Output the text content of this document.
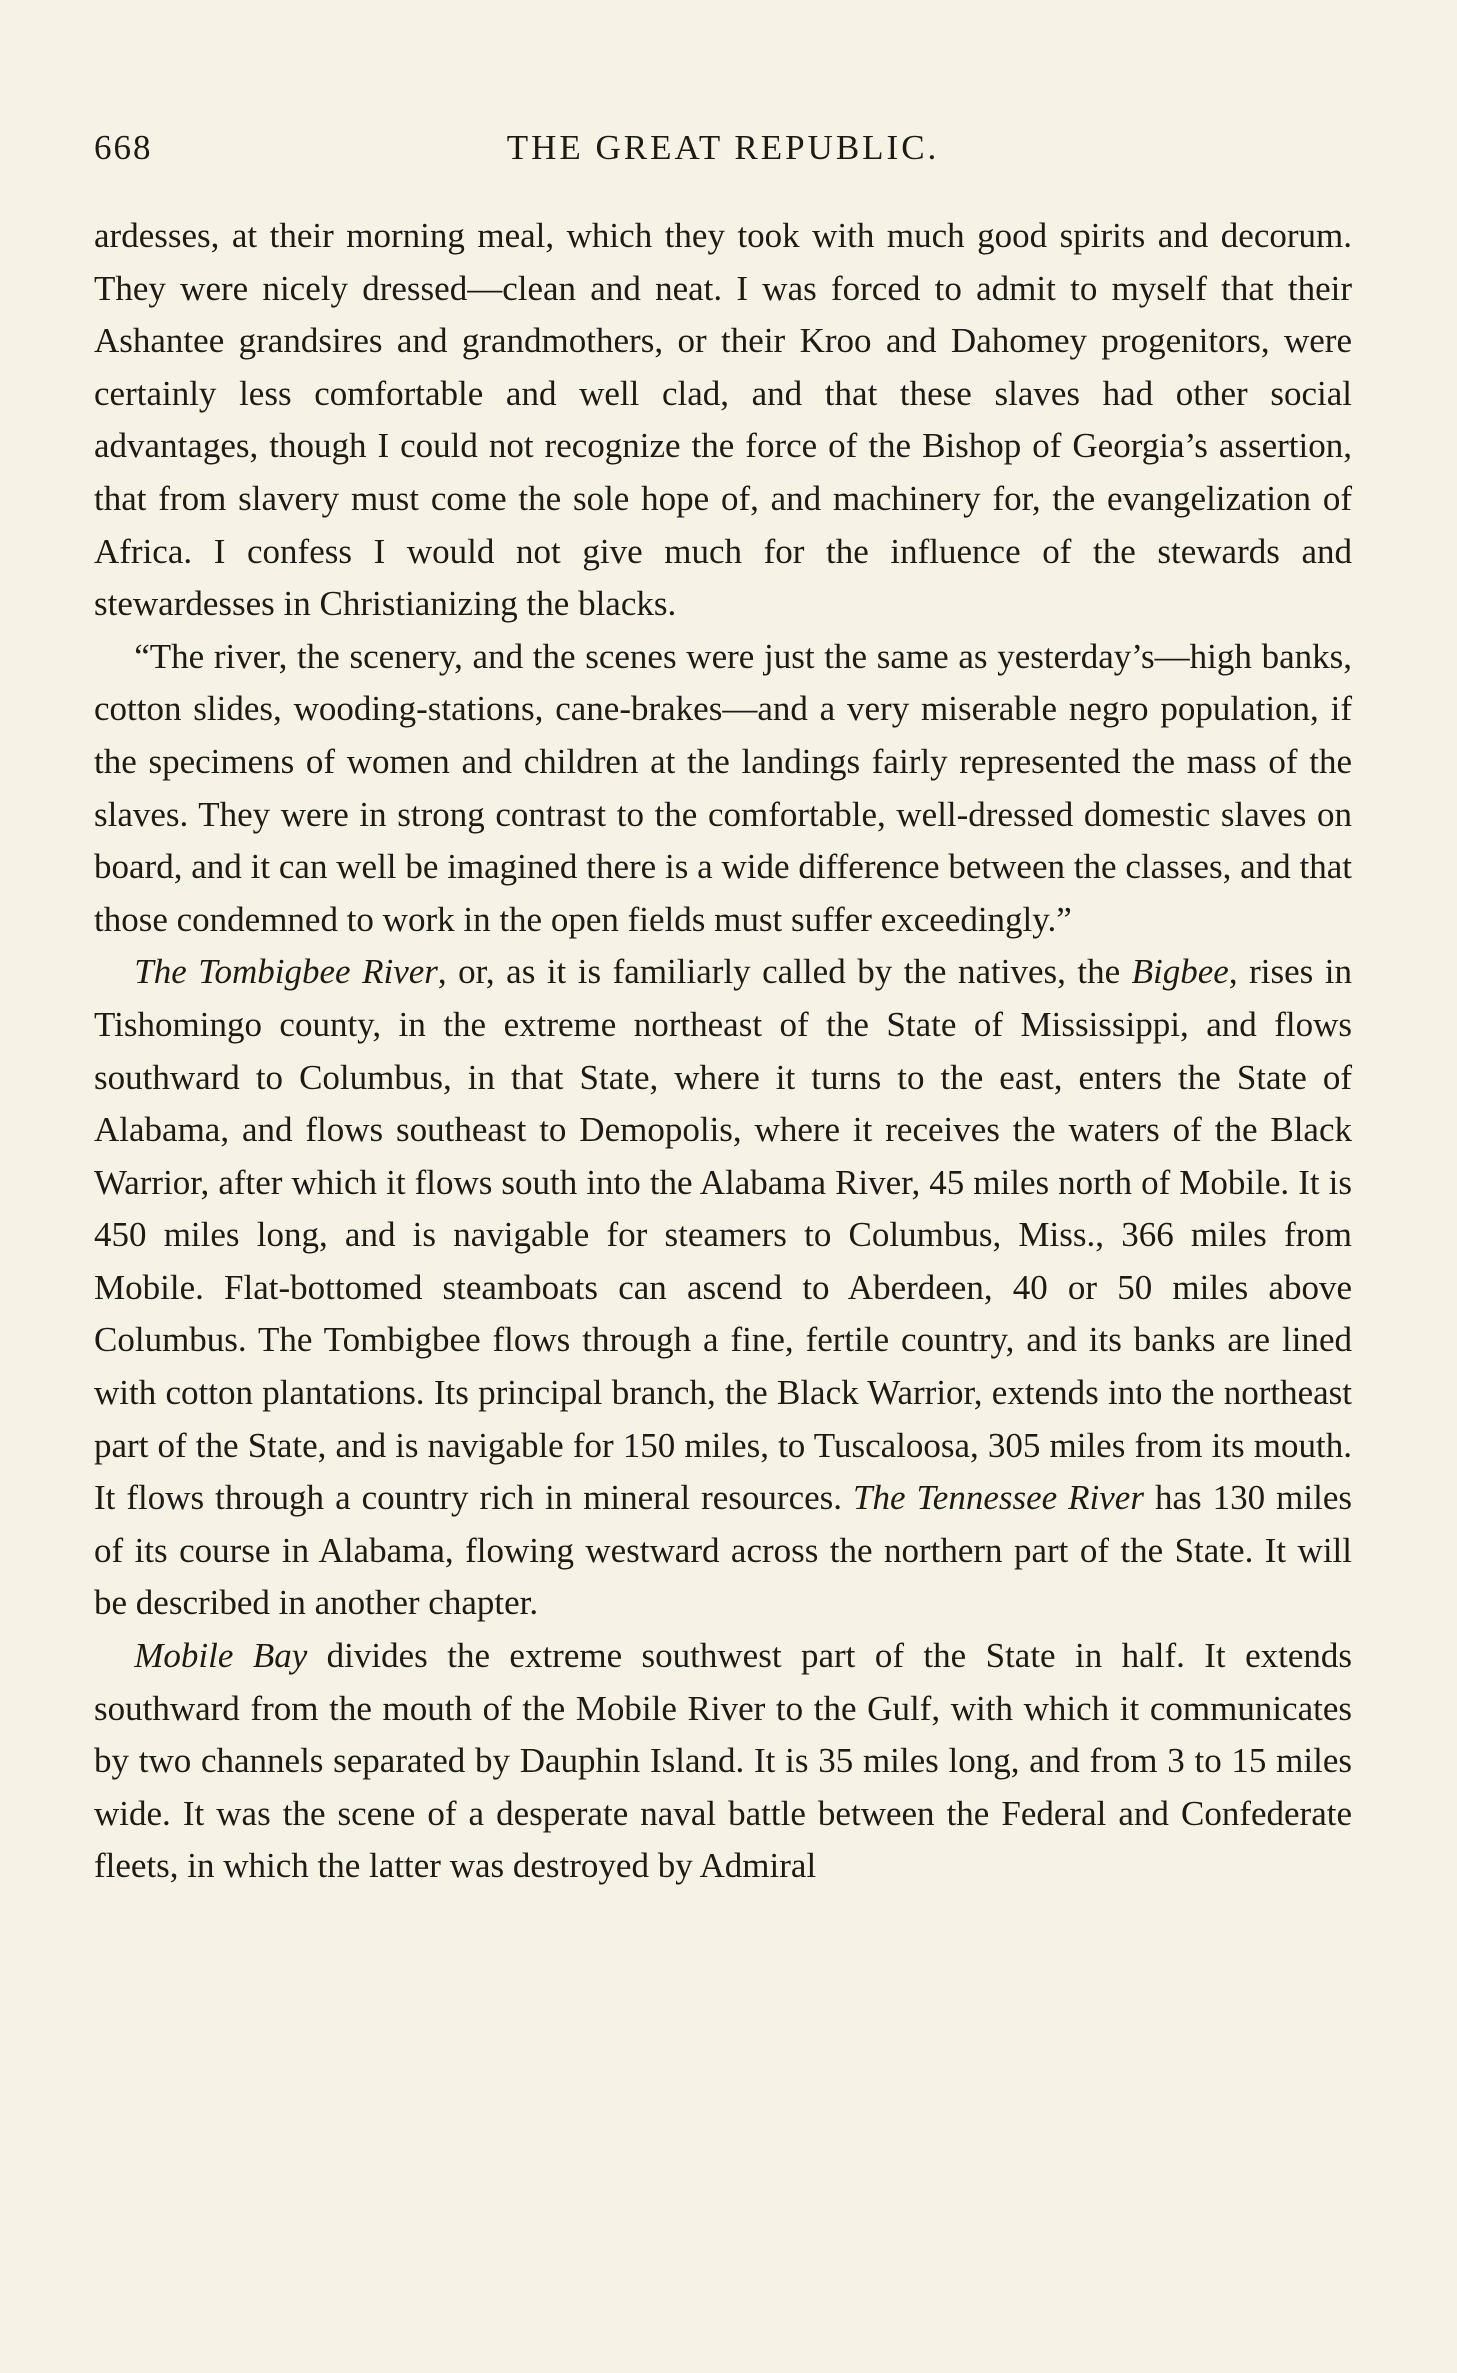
668	THE GREAT REPUBLIC.

ardesses, at their morning meal, which they took with much good spirits and decorum. They were nicely dressed—clean and neat. I was forced to admit to myself that their Ashantee grandsires and grandmothers, or their Kroo and Dahomey progenitors, were certainly less comfortable and well clad, and that these slaves had other social advantages, though I could not recognize the force of the Bishop of Georgia’s assertion, that from slavery must come the sole hope of, and machinery for, the evangelization of Africa. I confess I would not give much for the influence of the stewards and stewardesses in Christianizing the blacks.

“The river, the scenery, and the scenes were just the same as yesterday’s—high banks, cotton slides, wooding-stations, cane-brakes—and a very miserable negro population, if the specimens of women and children at the landings fairly represented the mass of the slaves. They were in strong contrast to the comfortable, well-dressed domestic slaves on board, and it can well be imagined there is a wide difference between the classes, and that those condemned to work in the open fields must suffer exceedingly.”

The Tombigbee River, or, as it is familiarly called by the natives, the Bigbee, rises in Tishomingo county, in the extreme northeast of the State of Mississippi, and flows southward to Columbus, in that State, where it turns to the east, enters the State of Alabama, and flows southeast to Demopolis, where it receives the waters of the Black Warrior, after which it flows south into the Alabama River, 45 miles north of Mobile. It is 450 miles long, and is navigable for steamers to Columbus, Miss., 366 miles from Mobile. Flat-bottomed steamboats can ascend to Aberdeen, 40 or 50 miles above Columbus. The Tombigbee flows through a fine, fertile country, and its banks are lined with cotton plantations. Its principal branch, the Black Warrior, extends into the northeast part of the State, and is navigable for 150 miles, to Tuscaloosa, 305 miles from its mouth. It flows through a country rich in mineral resources. The Tennessee River has 130 miles of its course in Alabama, flowing westward across the northern part of the State. It will be described in another chapter.

Mobile Bay divides the extreme southwest part of the State in half. It extends southward from the mouth of the Mobile River to the Gulf, with which it communicates by two channels separated by Dauphin Island. It is 35 miles long, and from 3 to 15 miles wide. It was the scene of a desperate naval battle between the Federal and Confederate fleets, in which the latter was destroyed by Admiral
